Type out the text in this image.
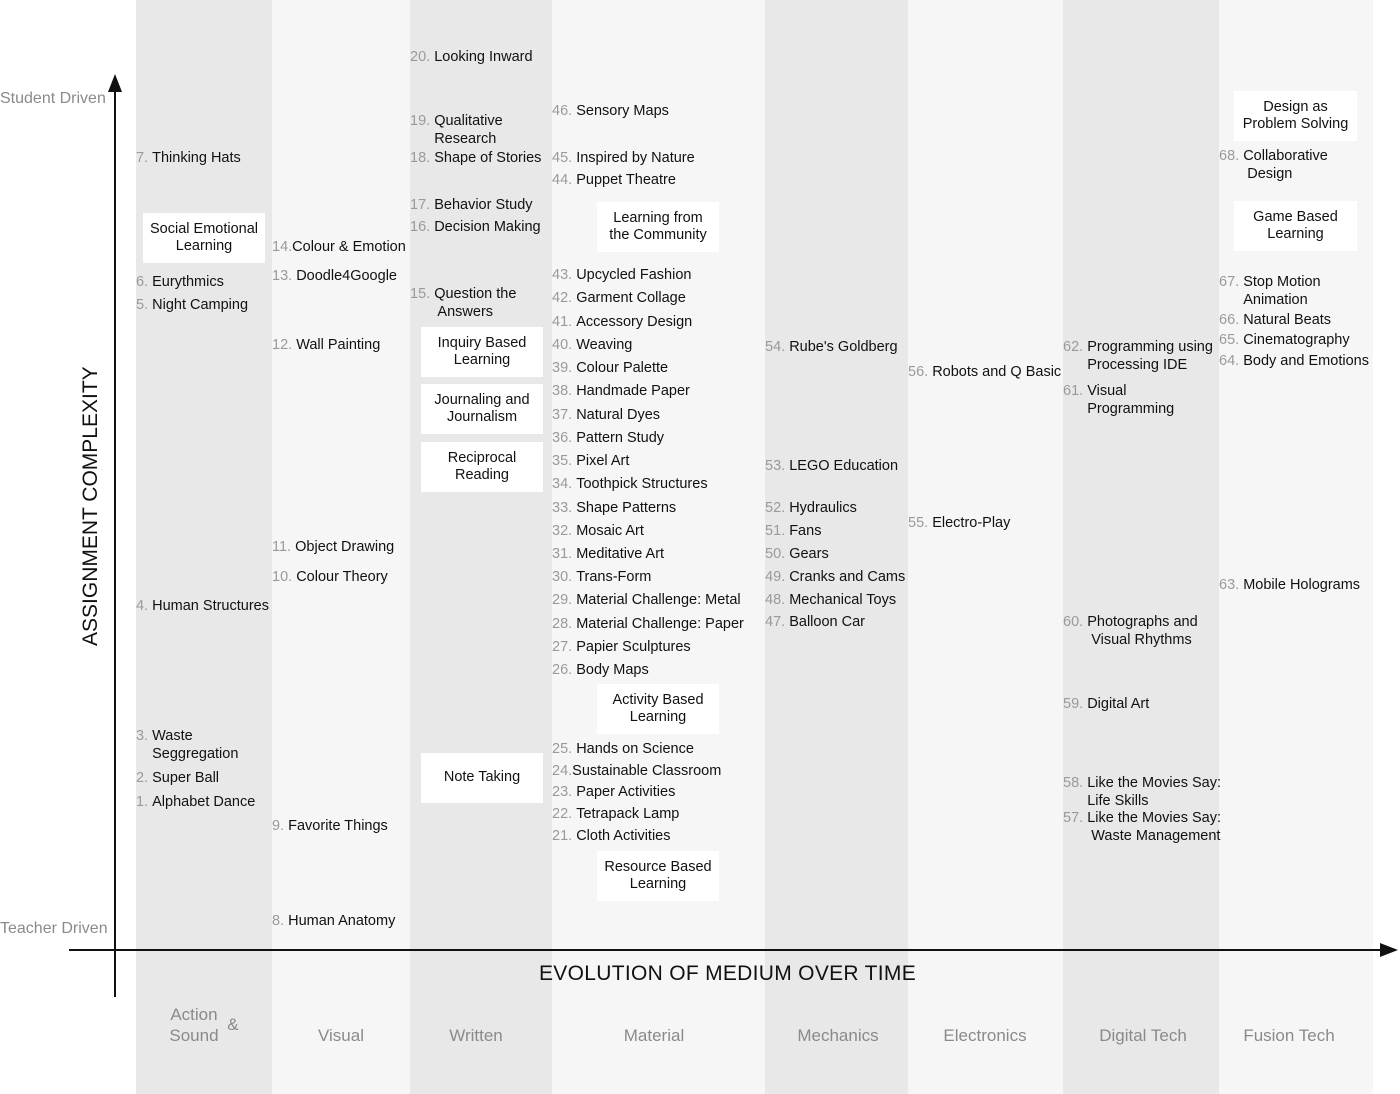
Student Driven
Teacher Driven
ASSIGNMENT COMPLEXITY
EVOLUTION OF MEDIUM OVER TIME
Action
Sound &
Visual	Written	Material	Mechanics	Electronics	Digital Tech	Fusion Tech
1. Alphabet Dance
2. Super Ball
3. Waste
Seggregation
4. Human Structures
5. Night Camping
6. Eurythmics
7. Thinking Hats
8. Human Anatomy
9. Favorite Things
10. Colour Theory
11. Object Drawing
12. Wall Painting
13. Doodle4Google
14.Colour & Emotion
15. Question the
Answers
16. Decision Making
17. Behavior Study
18. Shape of Stories
19. Qualitative
Research
20. Looking Inward
21. Cloth Activities
22. Tetrapack Lamp
23. Paper Activities
24.Sustainable Classroom
25. Hands on Science
26. Body Maps
27. Papier Sculptures
28. Material Challenge: Paper
29. Material Challenge: Metal
30. Trans-Form
31. Meditative Art
32. Mosaic Art
33. Shape Patterns
34. Toothpick Structures
35. Pixel Art
36. Pattern Study
37. Natural Dyes
38. Handmade Paper
39. Colour Palette
40. Weaving
41. Accessory Design
42. Garment Collage
43. Upcycled Fashion
44. Puppet Theatre
45. Inspired by Nature
46. Sensory Maps
47. Balloon Car
48. Mechanical Toys
49. Cranks and Cams
50. Gears
51. Fans
52. Hydraulics
53. LEGO Education
54. Rube's Goldberg
55. Electro-Play
56. Robots and Q Basic
57. Like the Movies Say:
Waste Management
58. Like the Movies Say:
Life Skills
59. Digital Art
60. Photographs and
Visual Rhythms
61. Visual
Programming
62. Programming using
Processing IDE
63. Mobile Holograms
64. Body and Emotions
65. Cinematography
66. Natural Beats
67. Stop Motion
Animation
68. Collaborative
Design
Social Emotional
Learning
Inquiry Based
Learning
Journaling and
Journalism
Reciprocal
Reading
Note Taking
Learning from
the Community
Activity Based
Learning
Resource Based
Learning
Design as
Problem Solving
Game Based
Learning
